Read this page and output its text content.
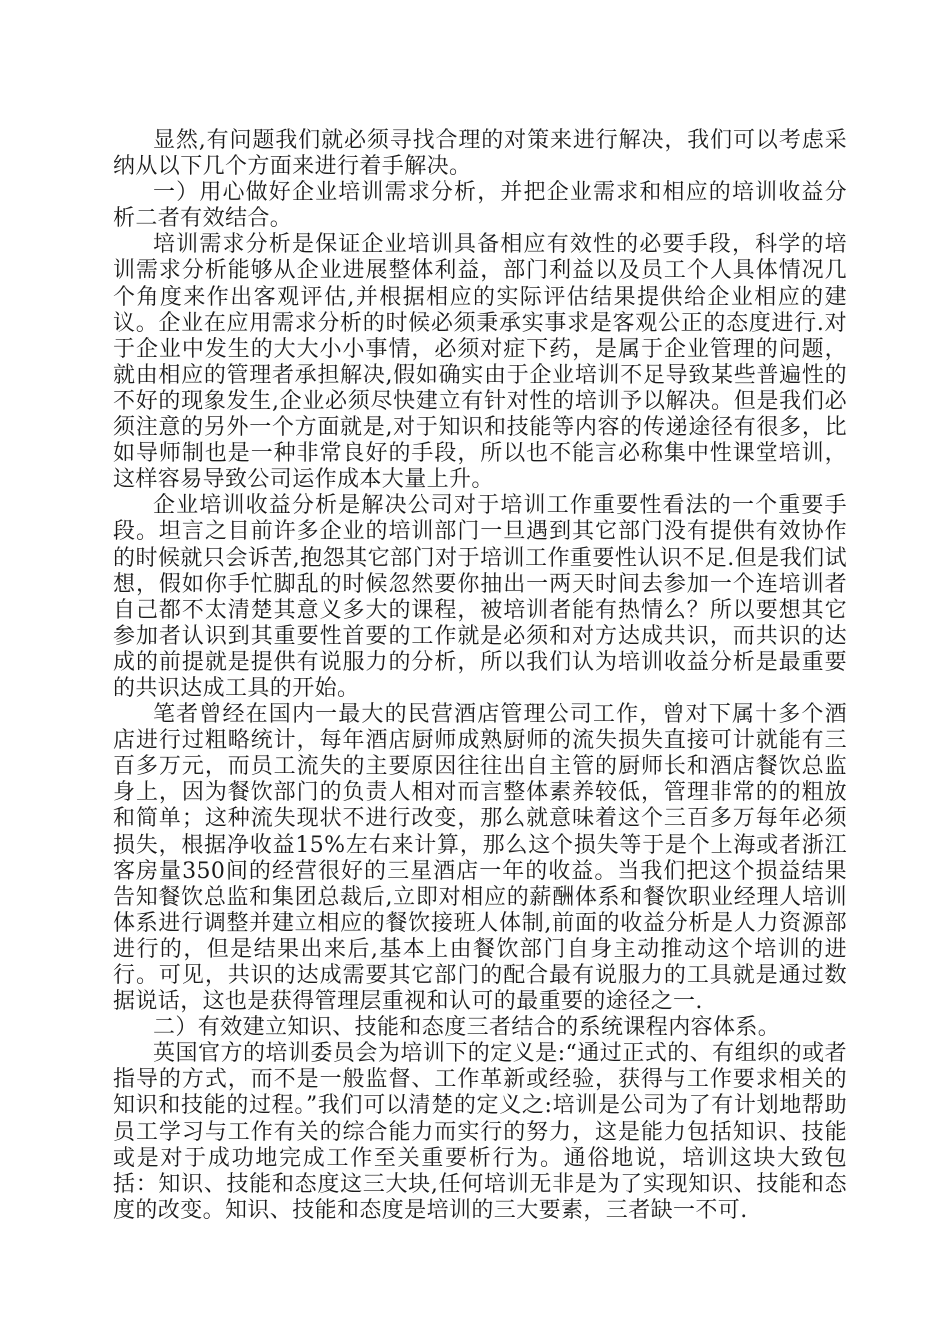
显然,有问题我们就必须寻找合理的对策来进行解决，我们可以考虑采纳从以下几个方面来进行着手解决。

一）用心做好企业培训需求分析，并把企业需求和相应的培训收益分析二者有效结合。

培训需求分析是保证企业培训具备相应有效性的必要手段，科学的培训需求分析能够从企业进展整体利益，部门利益以及员工个人具体情况几个角度来作出客观评估,并根据相应的实际评估结果提供给企业相应的建议。企业在应用需求分析的时候必须秉承实事求是客观公正的态度进行.对于企业中发生的大大小小事情，必须对症下药，是属于企业管理的问题，就由相应的管理者承担解决,假如确实由于企业培训不足导致某些普遍性的不好的现象发生,企业必须尽快建立有针对性的培训予以解决。但是我们必须注意的另外一个方面就是,对于知识和技能等内容的传递途径有很多，比如导师制也是一种非常良好的手段，所以也不能言必称集中性课堂培训，这样容易导致公司运作成本大量上升。

企业培训收益分析是解决公司对于培训工作重要性看法的一个重要手段。坦言之目前许多企业的培训部门一旦遇到其它部门没有提供有效协作的时候就只会诉苦,抱怨其它部门对于培训工作重要性认识不足.但是我们试想，假如你手忙脚乱的时候忽然要你抽出一两天时间去参加一个连培训者自己都不太清楚其意义多大的课程，被培训者能有热情么？所以要想其它参加者认识到其重要性首要的工作就是必须和对方达成共识，而共识的达成的前提就是提供有说服力的分析，所以我们认为培训收益分析是最重要的共识达成工具的开始。

笔者曾经在国内一最大的民营酒店管理公司工作，曾对下属十多个酒店进行过粗略统计，每年酒店厨师成熟厨师的流失损失直接可计就能有三百多万元，而员工流失的主要原因往往出自主管的厨师长和酒店餐饮总监身上，因为餐饮部门的负责人相对而言整体素养较低，管理非常的的粗放和简单；这种流失现状不进行改变，那么就意味着这个三百多万每年必须损失，根据净收益15%左右来计算，那么这个损失等于是个上海或者浙江客房量350间的经营很好的三星酒店一年的收益。当我们把这个损益结果告知餐饮总监和集团总裁后,立即对相应的薪酬体系和餐饮职业经理人培训体系进行调整并建立相应的餐饮接班人体制,前面的收益分析是人力资源部进行的，但是结果出来后,基本上由餐饮部门自身主动推动这个培训的进行。可见，共识的达成需要其它部门的配合最有说服力的工具就是通过数据说话，这也是获得管理层重视和认可的最重要的途径之一.

二）有效建立知识、技能和态度三者结合的系统课程内容体系。

英国官方的培训委员会为培训下的定义是:“通过正式的、有组织的或者指导的方式，而不是一般监督、工作革新或经验，获得与工作要求相关的知识和技能的过程。”我们可以清楚的定义之:培训是公司为了有计划地帮助员工学习与工作有关的综合能力而实行的努力，这是能力包括知识、技能或是对于成功地完成工作至关重要析行为。通俗地说，培训这块大致包括：知识、技能和态度这三大块,任何培训无非是为了实现知识、技能和态度的改变。知识、技能和态度是培训的三大要素，三者缺一不可.
